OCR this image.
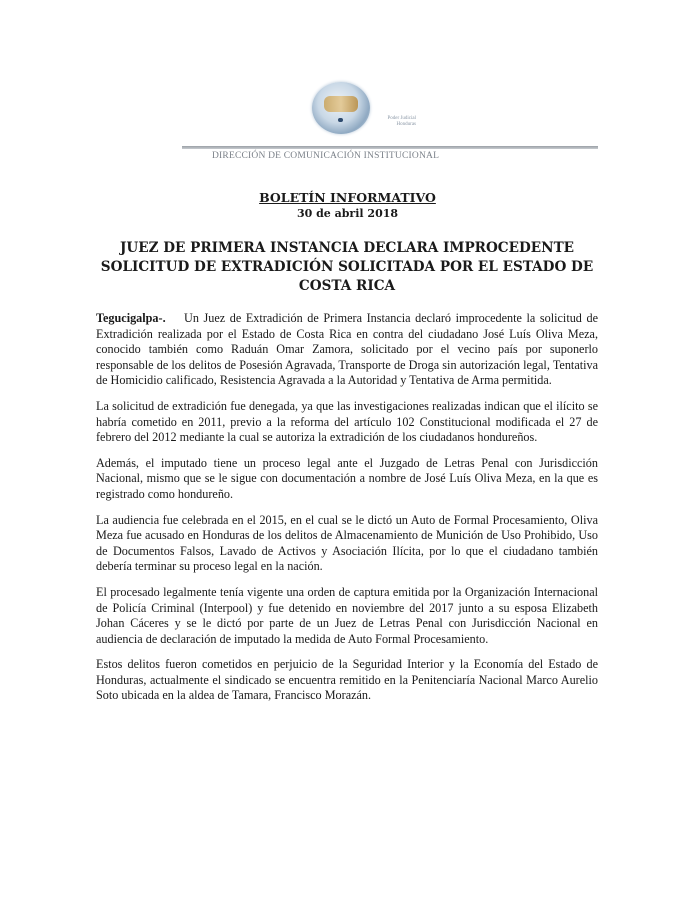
Poder Judicial
Honduras
DIRECCIÓN DE COMUNICACIÓN INSTITUCIONAL
BOLETÍN INFORMATIVO
30 de abril 2018
JUEZ DE PRIMERA INSTANCIA DECLARA IMPROCEDENTE SOLICITUD DE EXTRADICIÓN SOLICITADA POR EL ESTADO DE COSTA RICA

Tegucigalpa-. Un Juez de Extradición de Primera Instancia declaró improcedente la solicitud de Extradición realizada por el Estado de Costa Rica en contra del ciudadano José Luís Oliva Meza, conocido también como Raduán Omar Zamora, solicitado por el vecino país por suponerlo responsable de los delitos de Posesión Agravada, Transporte de Droga sin autorización legal, Tentativa de Homicidio calificado, Resistencia Agravada a la Autoridad y Tentativa de Arma permitida.

La solicitud de extradición fue denegada, ya que las investigaciones realizadas indican que el ilícito se habría cometido en 2011, previo a la reforma del artículo 102 Constitucional modificada el 27 de febrero del 2012 mediante la cual se autoriza la extradición de los ciudadanos hondureños.

Además, el imputado tiene un proceso legal ante el Juzgado de Letras Penal con Jurisdicción Nacional, mismo que se le sigue con documentación a nombre de José Luís Oliva Meza, en la que es registrado como hondureño.

La audiencia fue celebrada en el 2015, en el cual se le dictó un Auto de Formal Procesamiento, Oliva Meza fue acusado en Honduras de los delitos de Almacenamiento de Munición de Uso Prohibido, Uso de Documentos Falsos, Lavado de Activos y Asociación Ilícita, por lo que el ciudadano también debería terminar su proceso legal en la nación.

El procesado legalmente tenía vigente una orden de captura emitida por la Organización Internacional de Policía Criminal (Interpool) y fue detenido en noviembre del 2017 junto a su esposa Elizabeth Johan Cáceres y se le dictó por parte de un Juez de Letras Penal con Jurisdicción Nacional en audiencia de declaración de imputado la medida de Auto Formal Procesamiento.

Estos delitos fueron cometidos en perjuicio de la Seguridad Interior y la Economía del Estado de Honduras, actualmente el sindicado se encuentra remitido en la Penitenciaría Nacional Marco Aurelio Soto ubicada en la aldea de Tamara, Francisco Morazán.
